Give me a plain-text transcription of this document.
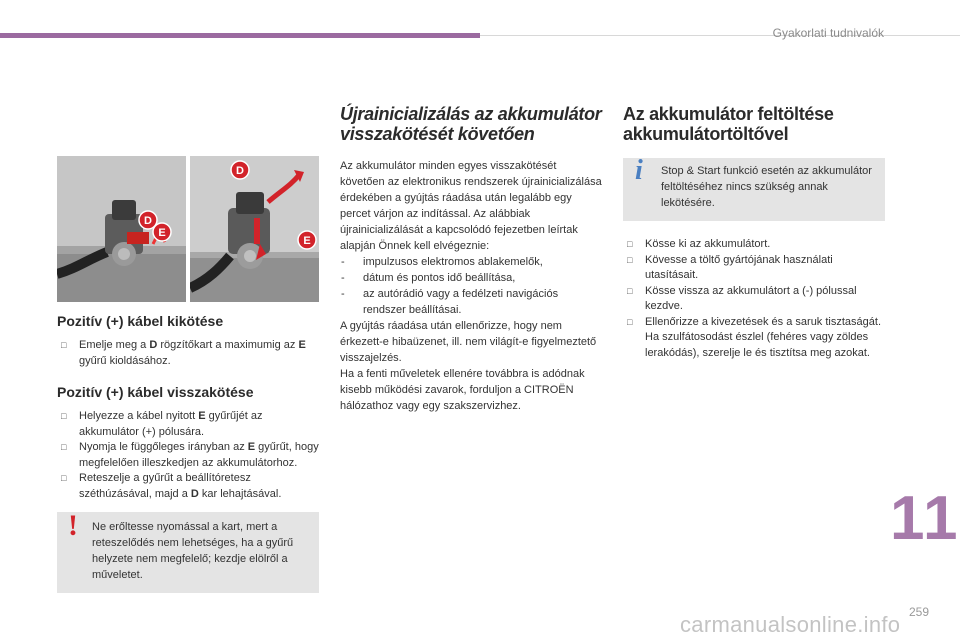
Gyakorlati tudnivalók
D
E
D
E
Pozitív (+) kábel kikötése
□ Emelje meg a D rögzítőkart a maximumig az E gyűrű kioldásához.
Pozitív (+) kábel visszakötése
□ Helyezze a kábel nyitott E gyűrűjét az akkumulátor (+) pólusára.
□ Nyomja le függőleges irányban az E gyűrűt, hogy megfelelően illeszkedjen az akkumulátorhoz.
□ Reteszelje a gyűrűt a beállítóretesz széthúzásával, majd a D kar lehajtásával.
! Ne erőltesse nyomással a kart, mert a reteszelődés nem lehetséges, ha a gyűrű helyzete nem megfelelő; kezdje elölről a műveletet.
Újrainicializálás az akkumulátor visszakötését követően
Az akkumulátor minden egyes visszakötését követően az elektronikus rendszerek újrainicializálása érdekében a gyújtás ráadása után legalább egy percet várjon az indítással. Az alábbiak újrainicializálását a kapcsolódó fejezetben leírtak alapján Önnek kell elvégeznie:
- impulzusos elektromos ablakemelők,
- dátum és pontos idő beállítása,
- az autórádió vagy a fedélzeti navigációs rendszer beállításai.
A gyújtás ráadása után ellenőrizze, hogy nem érkezett-e hibaüzenet, ill. nem világít-e figyelmeztető visszajelzés.
Ha a fenti műveletek ellenére továbbra is adódnak kisebb működési zavarok, forduljon a CITROËN hálózathoz vagy egy szakszervizhez.
Az akkumulátor feltöltése akkumulátortöltővel
i Stop & Start funkció esetén az akkumulátor feltöltéséhez nincs szükség annak lekötésére.
□ Kösse ki az akkumulátort.
□ Kövesse a töltő gyártójának használati utasításait.
□ Kösse vissza az akkumulátort a (-) pólussal kezdve.
□ Ellenőrizze a kivezetések és a saruk tisztaságát. Ha szulfátosodást észlel (fehéres vagy zöldes lerakódás), szerelje le és tisztítsa meg azokat.
11
259
carmanualsonline.info
